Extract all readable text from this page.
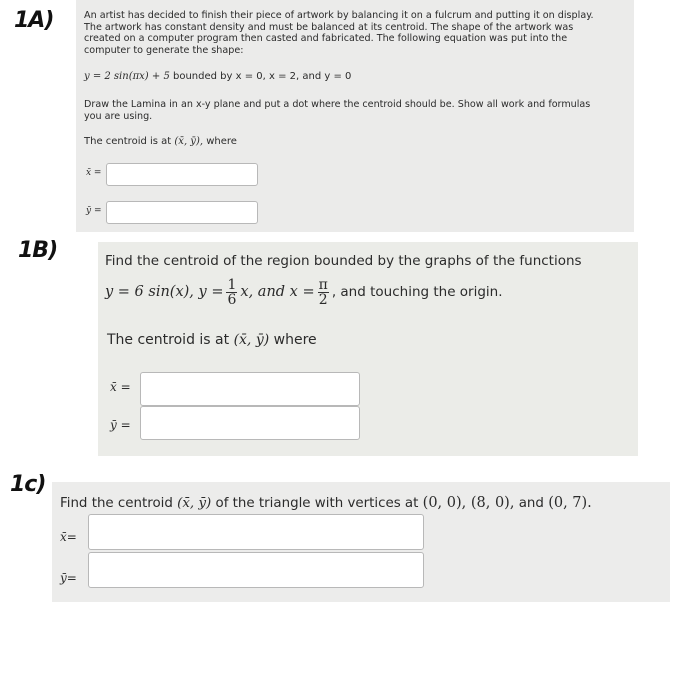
1A)
1B)
1c)
An artist has decided to finish their piece of artwork by balancing it on a fulcrum and putting it on display.
The artwork has constant density and must be balanced at its centroid. The shape of the artwork was
created on a computer program then casted and fabricated. The following equation was put into the
computer to generate the shape:
y = 2 sin(πx) + 5 bounded by x = 0, x = 2, and y = 0
Draw the Lamina in an x-y plane and put a dot where the centroid should be. Show all work and formulas
you are using.
The centroid is at (x̄, ȳ), where
x̄ =
ȳ =
Find the centroid of the region bounded by the graphs of the functions
y = 6 sin(x), $y = \frac{1}{6} x$, and $x = \frac{\pi}{2}$ , and touching the origin.
The centroid is at (x̄, ȳ) where
x̄ =
ȳ =
Find the centroid (x̄, ȳ) of the triangle with vertices at (0, 0), (8, 0), and (0, 7).
x̄=
ȳ=
